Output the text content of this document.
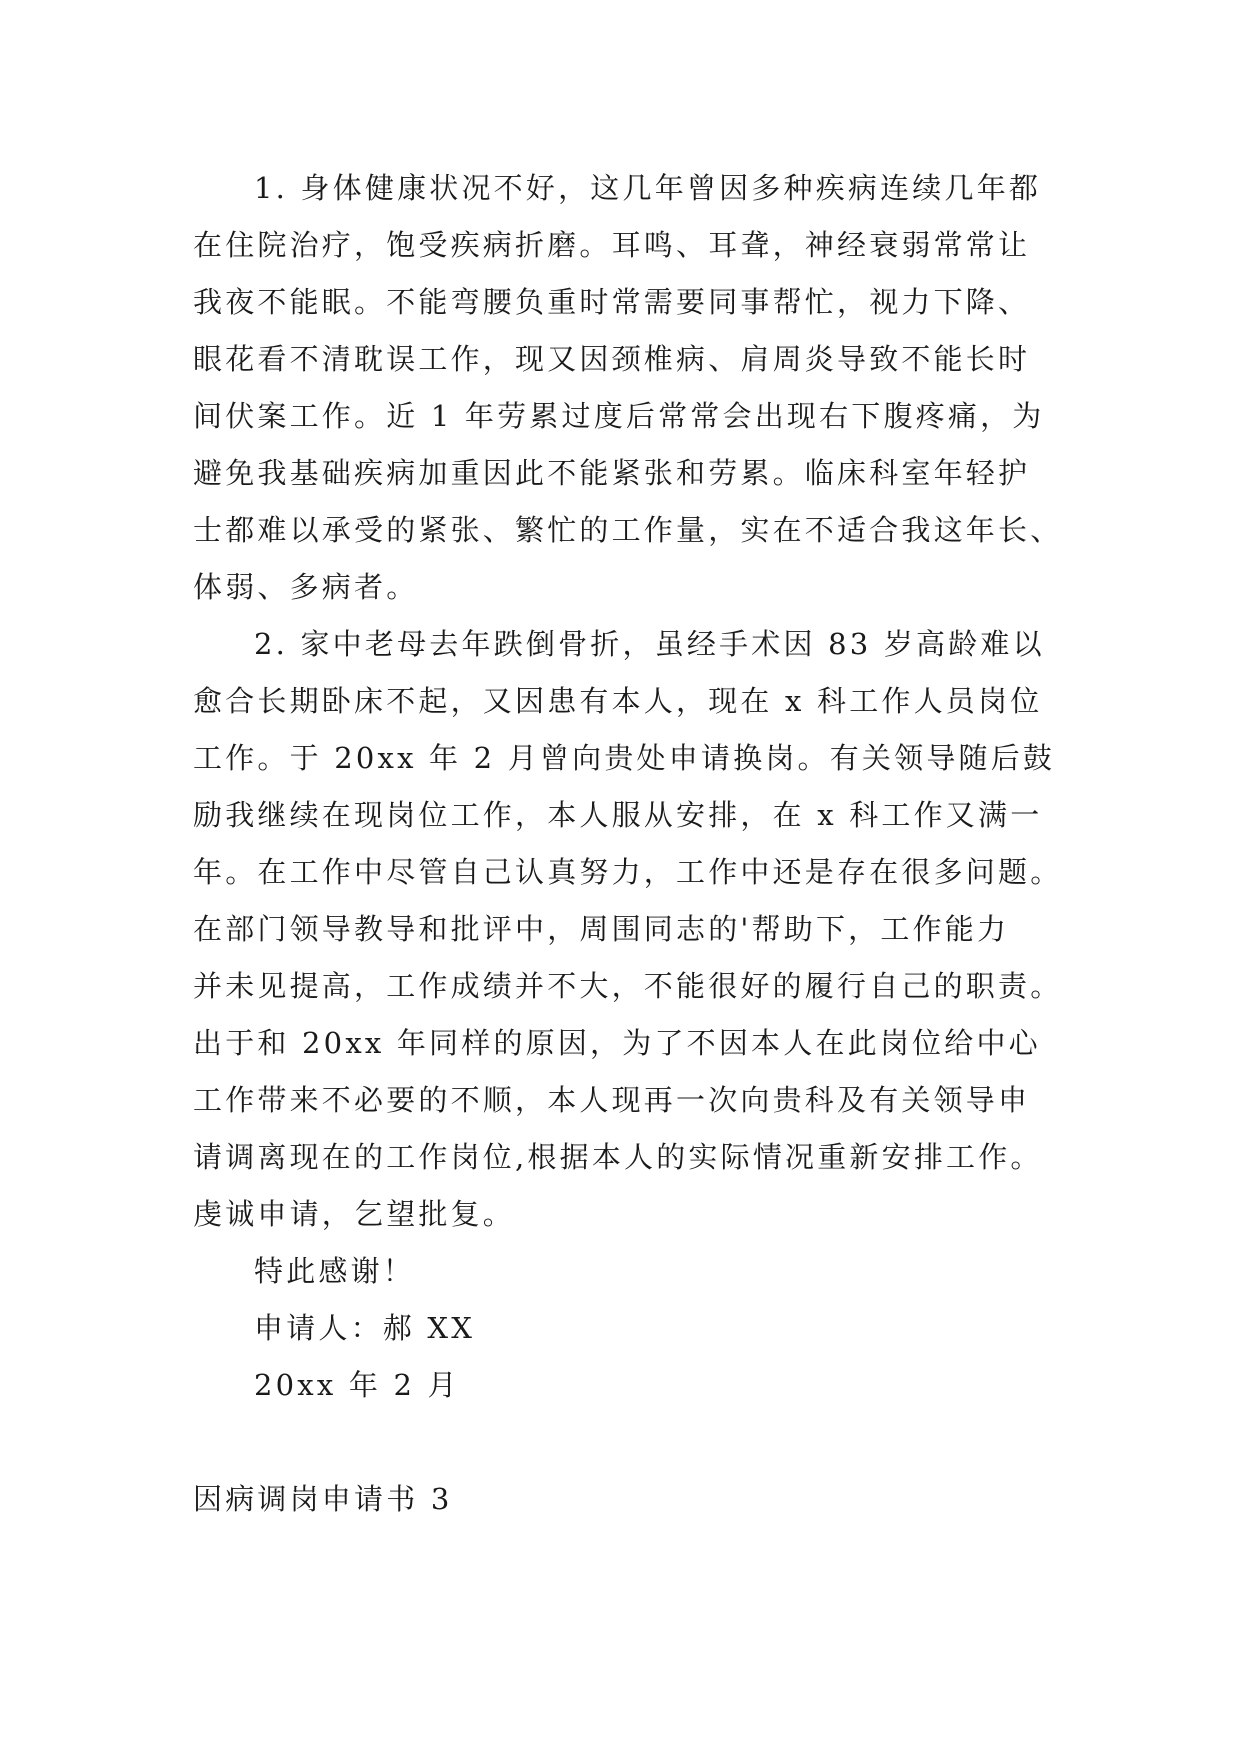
1. 身体健康状况不好，这几年曾因多种疾病连续几年都
在住院治疗，饱受疾病折磨。耳鸣、耳聋，神经衰弱常常让
我夜不能眠。不能弯腰负重时常需要同事帮忙，视力下降、
眼花看不清耽误工作，现又因颈椎病、肩周炎导致不能长时
间伏案工作。近 1 年劳累过度后常常会出现右下腹疼痛，为
避免我基础疾病加重因此不能紧张和劳累。临床科室年轻护
士都难以承受的紧张、繁忙的工作量，实在不适合我这年长、
体弱、多病者。
2. 家中老母去年跌倒骨折，虽经手术因 83 岁高龄难以
愈合长期卧床不起，又因患有本人，现在 x 科工作人员岗位
工作。于 20xx 年 2 月曾向贵处申请换岗。有关领导随后鼓
励我继续在现岗位工作，本人服从安排，在 x 科工作又满一
年。在工作中尽管自己认真努力，工作中还是存在很多问题。
在部门领导教导和批评中，周围同志的'帮助下，工作能力
并未见提高，工作成绩并不大，不能很好的履行自己的职责。
出于和 20xx 年同样的原因，为了不因本人在此岗位给中心
工作带来不必要的不顺，本人现再一次向贵科及有关领导申
请调离现在的工作岗位,根据本人的实际情况重新安排工作。
虔诚申请，乞望批复。
特此感谢！
申请人：郝 XX
20xx 年 2 月
因病调岗申请书 3
